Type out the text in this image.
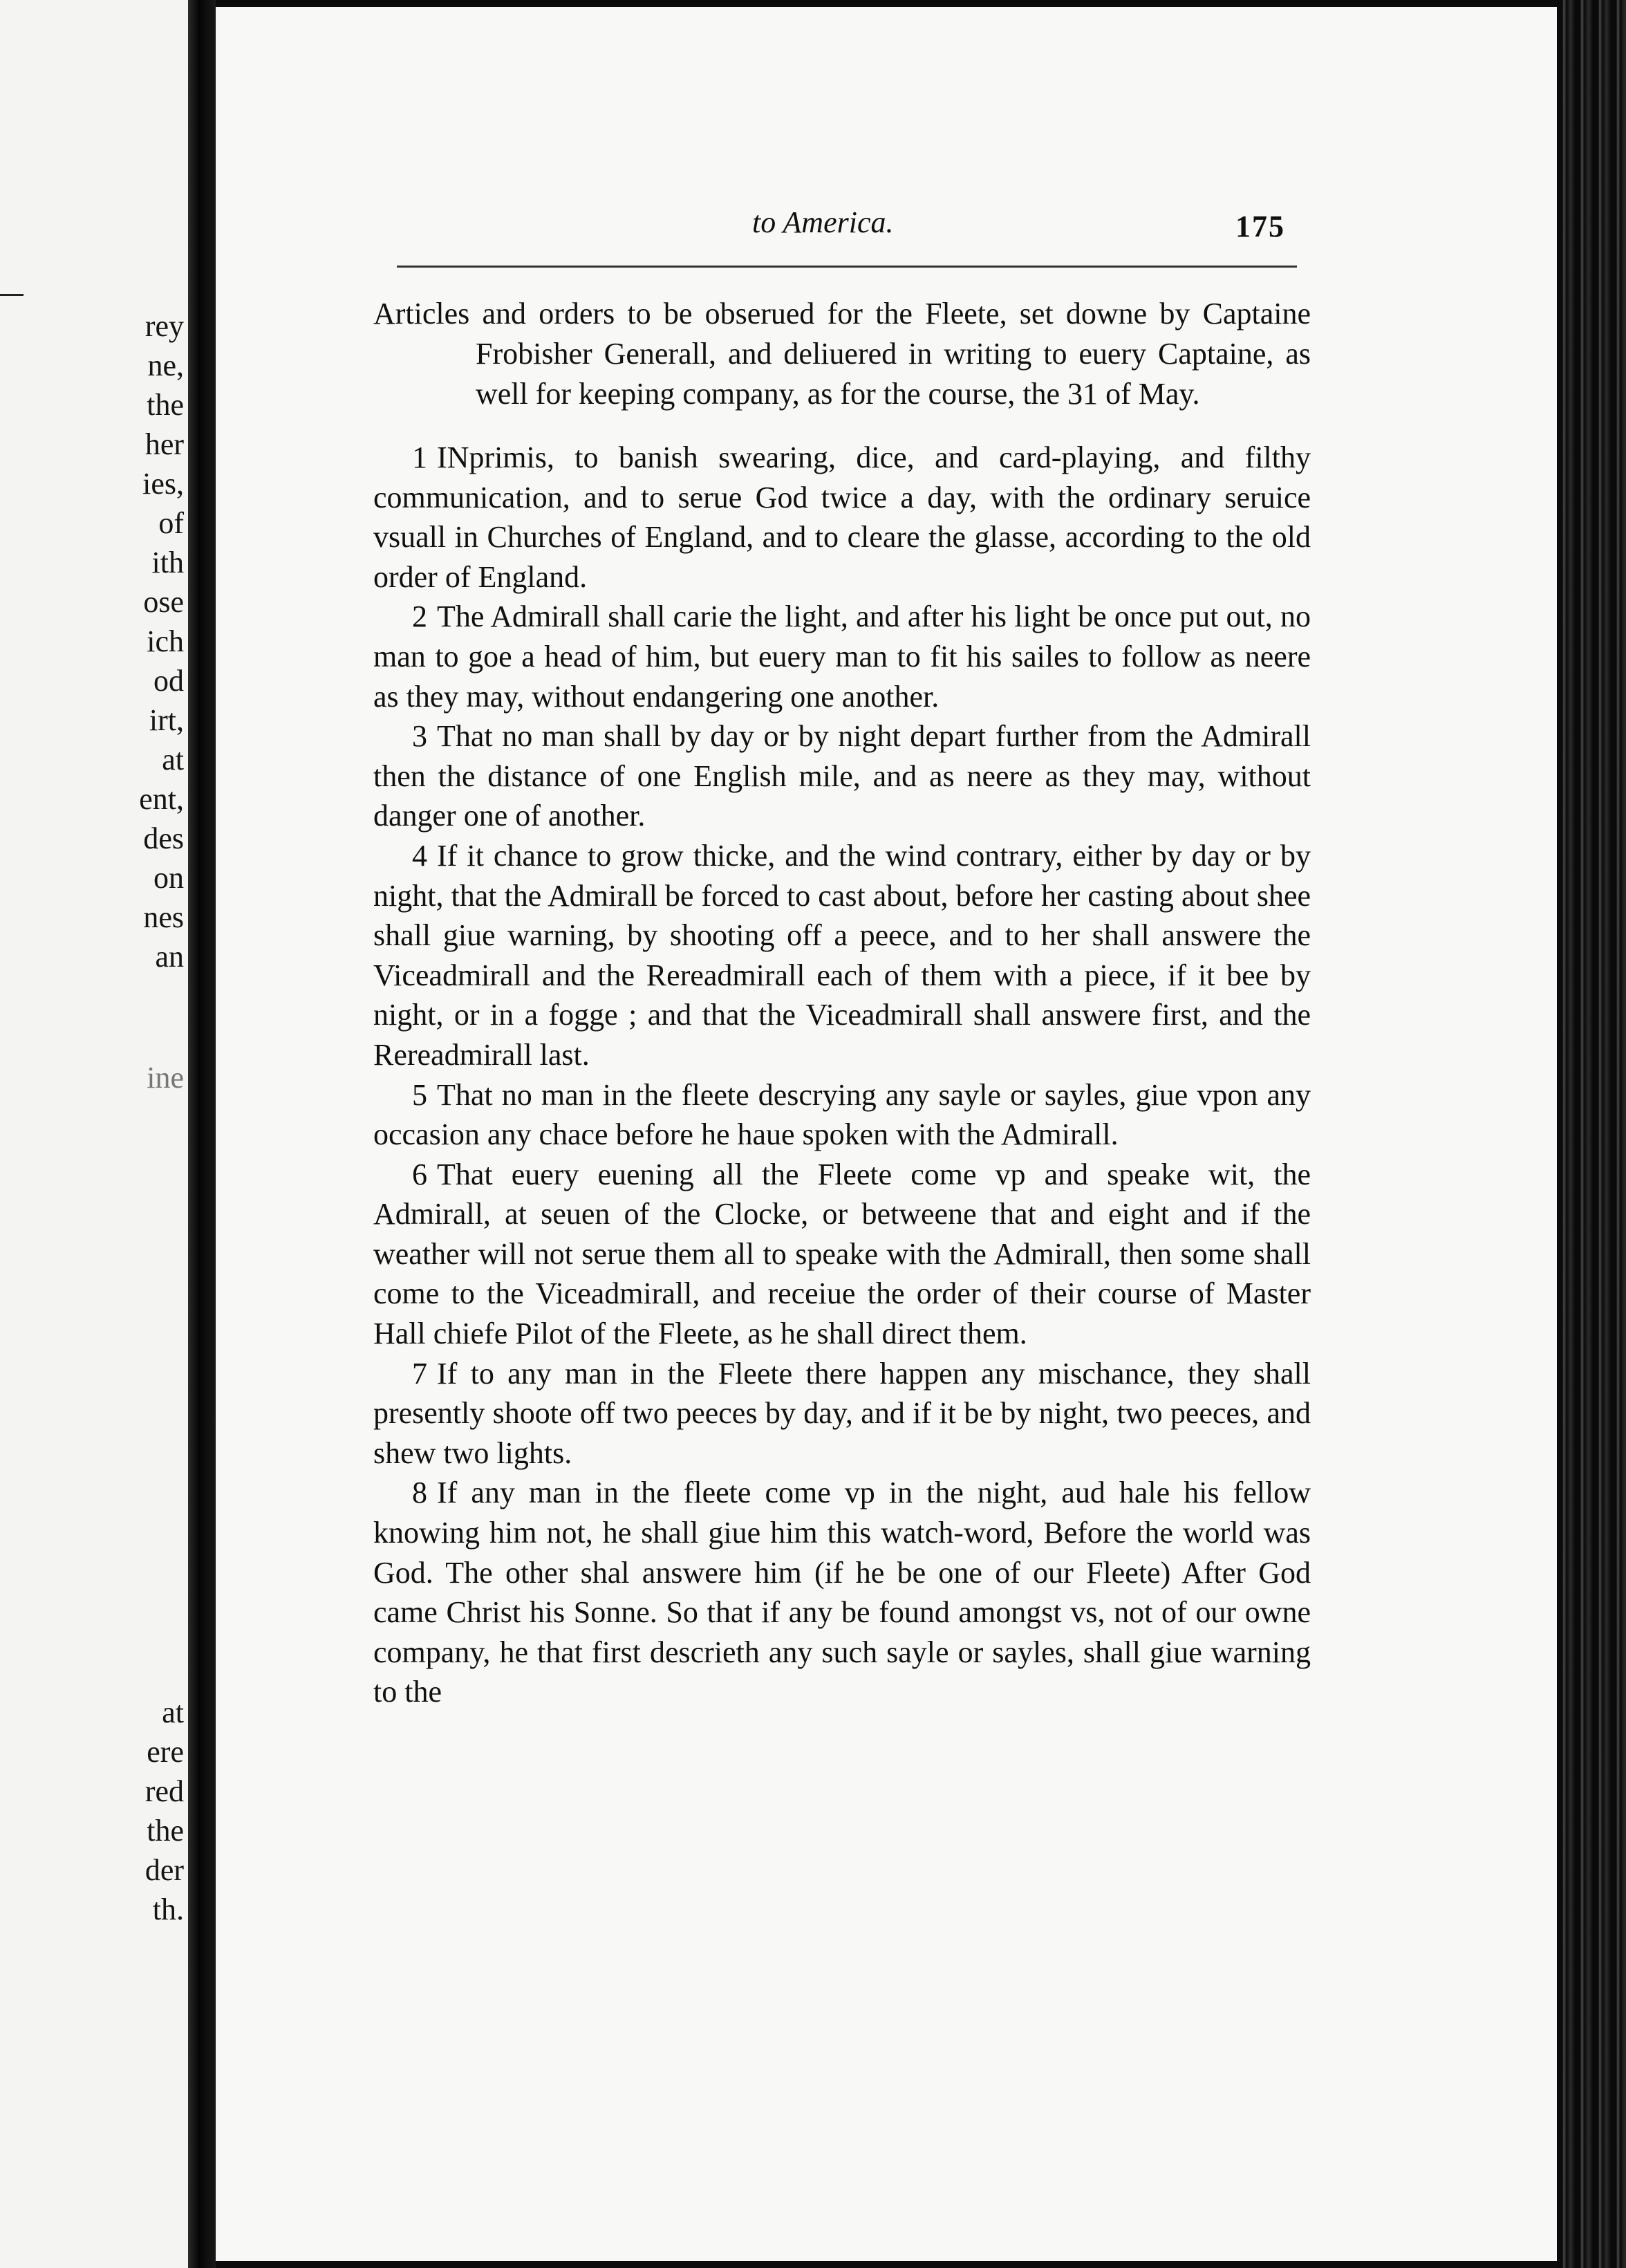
rey
ne,
the
her
ies,
of
ith
ose
ich
od
irt,
at
ent,
des
on
nes
an
ine
at
ere
red
the
der
th.
to America.	175

Articles and orders to be obserued for the Fleete, set downe by Captaine Frobisher Generall, and deliuered in writing to euery Captaine, as well for keeping company, as for the course, the 31 of May.

1 INprimis, to banish swearing, dice, and card-playing, and filthy communication, and to serue God twice a day, with the ordinary seruice vsuall in Churches of England, and to cleare the glasse, according to the old order of England.

2 The Admirall shall carie the light, and after his light be once put out, no man to goe a head of him, but euery man to fit his sailes to follow as neere as they may, without endangering one another.

3 That no man shall by day or by night depart further from the Admirall then the distance of one English mile, and as neere as they may, without danger one of another.

4 If it chance to grow thicke, and the wind contrary, either by day or by night, that the Admirall be forced to cast about, before her casting about shee shall giue warning, by shooting off a peece, and to her shall answere the Viceadmirall and the Rereadmirall each of them with a piece, if it bee by night, or in a fogge ; and that the Viceadmirall shall answere first, and the Rereadmirall last.

5 That no man in the fleete descrying any sayle or sayles, giue vpon any occasion any chace before he haue spoken with the Admirall.

6 That euery euening all the Fleete come vp and speake wit, the Admirall, at seuen of the Clocke, or betweene that and eight and if the weather will not serue them all to speake with the Admirall, then some shall come to the Viceadmirall, and receiue the order of their course of Master Hall chiefe Pilot of the Fleete, as he shall direct them.

7 If to any man in the Fleete there happen any mischance, they shall presently shoote off two peeces by day, and if it be by night, two peeces, and shew two lights.

8 If any man in the fleete come vp in the night, aud hale his fellow knowing him not, he shall giue him this watch-word, Before the world was God. The other shal answere him (if he be one of our Fleete) After God came Christ his Sonne. So that if any be found amongst vs, not of our owne company, he that first descrieth any such sayle or sayles, shall giue warning to the
